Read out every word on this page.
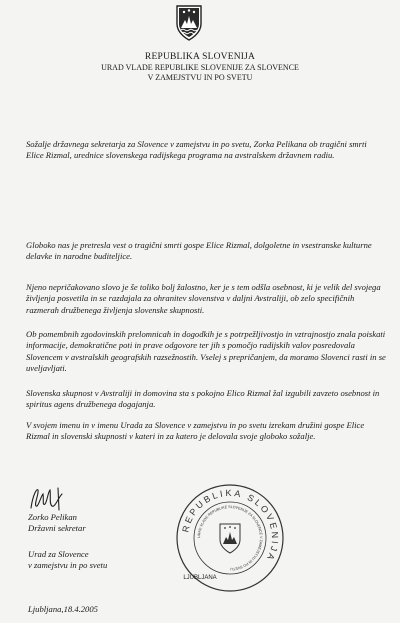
REPUBLIKA SLOVENIJA
URAD VLADE REPUBLIKE SLOVENIJE ZA SLOVENCE
V ZAMEJSTVU IN PO SVETU
Sožalje državnega sekretarja za Slovence v zamejstvu in po svetu, Zorka Pelikana ob tragični smrti Elice Rizmal, urednice slovenskega radijskega programa na avstralskem državnem radiu.
Globoko nas je pretresla vest o tragični smrti gospe Elice Rizmal, dolgoletne in vsestranske kulturne delavke in narodne buditeljice.
Njeno nepričakovano slovo je še toliko bolj žalostno, ker je s tem odšla osebnost, ki je velik del svojega življenja posvetila in se razdajala za ohranitev slovenstva v daljni Avstraliji, ob zelo specifičnih razmerah družbenega življenja slovenske skupnosti.
Ob pomembnih zgodovinskih prelomnicah in dogodkih je s potrpežljivostjo in vztrajnostjo znala poiskati informacije, demokratične poti in prave odgovore ter jih s pomočjo radijskih valov posredovala Slovencem v avstralskih geografskih razsežnostih. Vselej s prepričanjem, da moramo Slovenci rasti in se uveljavljati.
Slovenska skupnost v Avstraliji in domovina sta s pokojno Elico Rizmal žal izgubili zavzeto osebnost in spiritus agens družbenega dogajanja.
V svojem imenu in v imenu Urada za Slovence v zamejstvu in po svetu izrekam družini gospe Elice Rizmal in slovenski skupnosti v kateri in za katero je delovala svoje globoko sožalje.
Zorko Pelikan
Državni sekretar
Urad za Slovence
v zamejstvu in po svetu
REPUBLIKA SLOVENIJA
URAD VLADE REPUBLIKE SLOVENIJE ZA SLOVENCE V ZAMEJSTVU IN PO SVETU
LJUBLJANA
Ljubljana,18.4.2005
